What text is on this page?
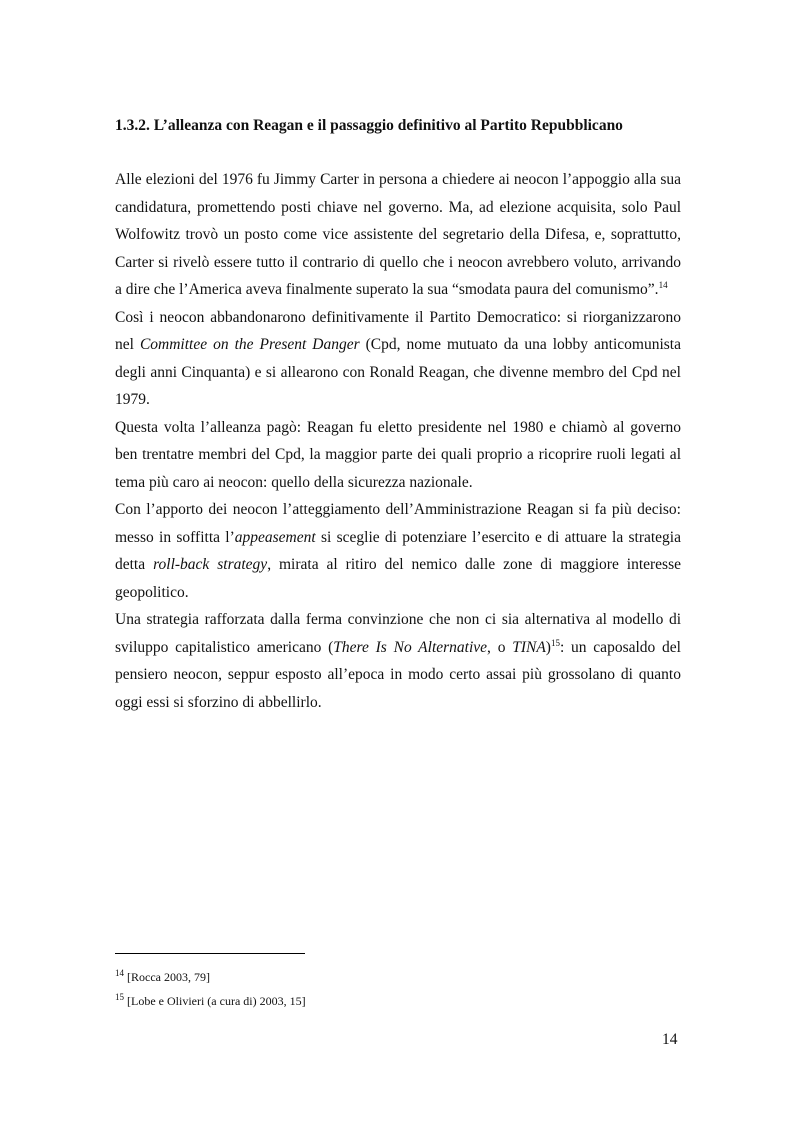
1.3.2. L’alleanza con Reagan e il passaggio definitivo al Partito Repubblicano

Alle elezioni del 1976 fu Jimmy Carter in persona a chiedere ai neocon l’appoggio alla sua candidatura, promettendo posti chiave nel governo. Ma, ad elezione acquisita, solo Paul Wolfowitz trovò un posto come vice assistente del segretario della Difesa, e, soprattutto, Carter si rivelò essere tutto il contrario di quello che i neocon avrebbero voluto, arrivando a dire che l’America aveva finalmente superato la sua “smodata paura del comunismo”.$^{14}$

Così i neocon abbandonarono definitivamente il Partito Democratico: si riorganizzarono nel Committee on the Present Danger (Cpd, nome mutuato da una lobby anticomunista degli anni Cinquanta) e si allearono con Ronald Reagan, che divenne membro del Cpd nel 1979.

Questa volta l’alleanza pagò: Reagan fu eletto presidente nel 1980 e chiamò al governo ben trentatre membri del Cpd, la maggior parte dei quali proprio a ricoprire ruoli legati al tema più caro ai neocon: quello della sicurezza nazionale.

Con l’apporto dei neocon l’atteggiamento dell’Amministrazione Reagan si fa più deciso: messo in soffitta l’appeasement si sceglie di potenziare l’esercito e di attuare la strategia detta roll-back strategy, mirata al ritiro del nemico dalle zone di maggiore interesse geopolitico.

Una strategia rafforzata dalla ferma convinzione che non ci sia alternativa al modello di sviluppo capitalistico americano (There Is No Alternative, o TINA)$^{15}$: un caposaldo del pensiero neocon, seppur esposto all’epoca in modo certo assai più grossolano di quanto oggi essi si sforzino di abbellirlo.

$^{14}$ [Rocca 2003, 79]
$^{15}$ [Lobe e Olivieri (a cura di) 2003, 15]
14
